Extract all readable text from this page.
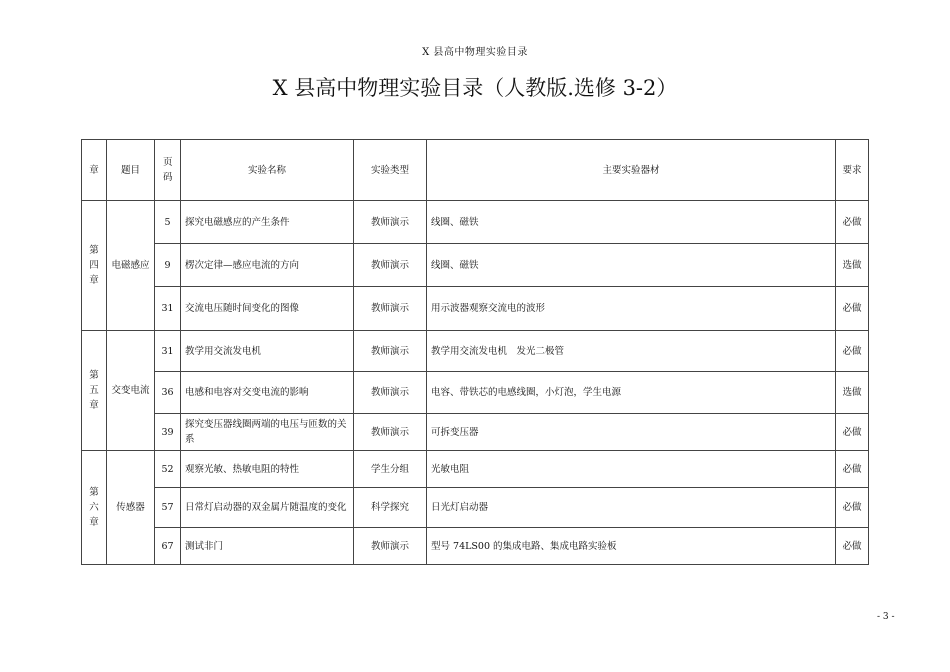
X 县高中物理实验目录
X 县高中物理实验目录（人教版.选修 3-2）
章	题目	页码	实验名称	实验类型	主要实验器材	要求
第四章	电磁感应	5	探究电磁感应的产生条件	教师演示	线圈、磁铁	必做
		9	楞次定律—感应电流的方向	教师演示	线圈、磁铁	选做
		31	交流电压随时间变化的图像	教师演示	用示波器观察交流电的波形	必做
第五章	交变电流	31	教学用交流发电机	教师演示	教学用交流发电机　发光二极管	必做
		36	电感和电容对交变电流的影响	教师演示	电容、带铁芯的电感线圈，小灯泡，学生电源	选做
		39	探究变压器线圈两端的电压与匝数的关系	教师演示	可拆变压器	必做
第六章	传感器	52	观察光敏、热敏电阻的特性	学生分组	光敏电阻	必做
		57	日常灯启动器的双金属片随温度的变化	科学探究	日光灯启动器	必做
		67	测试非门	教师演示	型号 74LS00 的集成电路、集成电路实验板	必做
- 3 -
